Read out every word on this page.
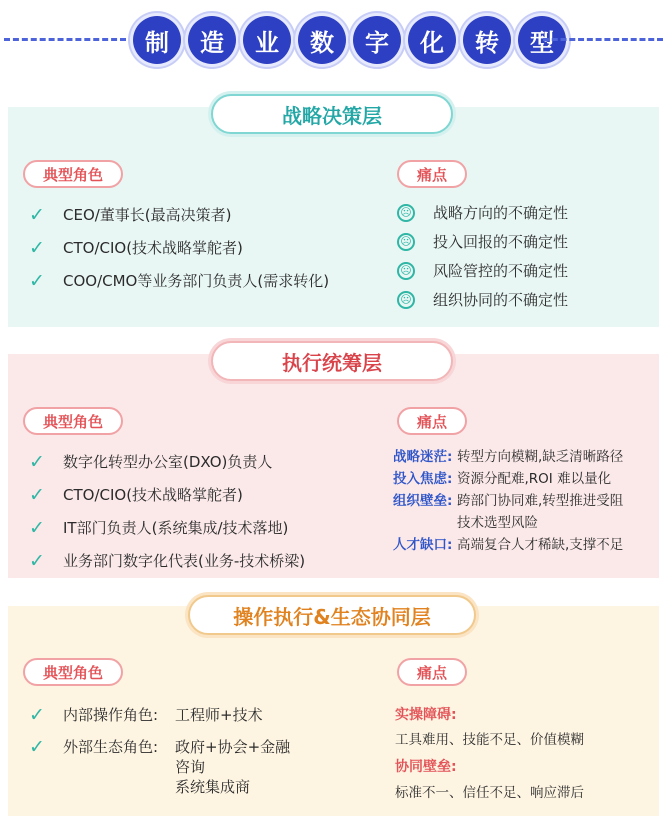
制	造	业	数	字	化	转	型
战略决策层
典型角色	痛点
✓	CEO/董事长(最高决策者)
✓	CTO/CIO(技术战略掌舵者)
✓	COO/CMO等业务部门负责人(需求转化)
☹ 战略方向的不确定性
☹ 投入回报的不确定性
☹ 风险管控的不确定性
☹ 组织协同的不确定性
执行统筹层
典型角色	痛点
✓	数字化转型办公室(DXO)负责人
✓	CTO/CIO(技术战略掌舵者)
✓	IT部门负责人(系统集成/技术落地)
✓	业务部门数字化代表(业务-技术桥梁)
战略迷茫: 转型方向模糊,缺乏清晰路径
投入焦虑: 资源分配难,ROI 难以量化
组织壁垒: 跨部门协同难,转型推进受阻
技术选型风险
人才缺口: 高端复合人才稀缺,支撑不足
操作执行&生态协同层
典型角色	痛点
✓	内部操作角色:	工程师+技术
✓	外部生态角色:	政府+协会+金融
咨询
系统集成商
实操障碍:
工具难用、技能不足、价值模糊
协同壁垒:
标准不一、信任不足、响应滞后
